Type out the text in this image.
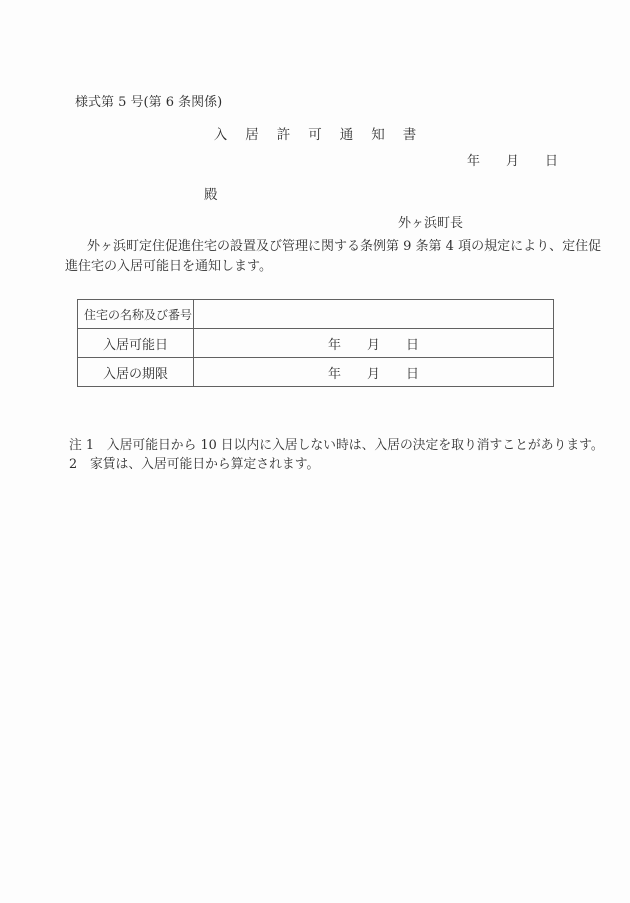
様式第 5 号(第 6 条関係)
入居許可通知書
年　　月　　日
殿
外ヶ浜町長
外ヶ浜町定住促進住宅の設置及び管理に関する条例第 9 条第 4 項の規定により、定住促
進住宅の入居可能日を通知します。
住宅の名称及び番号	
入居可能日	年　　月　　日
入居の期限	年　　月　　日
注 1　入居可能日から 10 日以内に入居しない時は、入居の決定を取り消すことがあります。
2　家賃は、入居可能日から算定されます。
